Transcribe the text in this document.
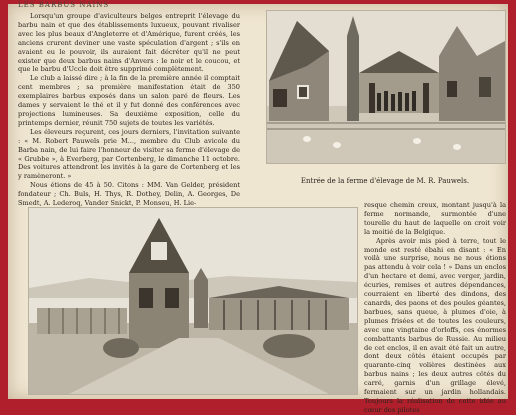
LES BARBUS NAINS

Lorsqu'un groupe d'aviculteurs belges entreprit l'élevage du barbu nain et que des établissements luxueux, pouvant rivaliser avec les plus beaux d'Angleterre et d'Amérique, furent créés, les anciens crurent deviner une vaste spéculation d'argent ; s'ils en avaient eu le pouvoir, ils auraient fait décréter qu'il ne peut exister que deux barbus nains d'Anvers : le noir et le coucou, et que le barbu d'Uccle doit être supprimé complètement.

Le club a laissé dire ; à la fin de la première année il comptait cent membres ; sa première manifestation était de 350 exemplaires barbus exposés dans un salon paré de fleurs. Les dames y servaient le thé et il y fut donné des conférences avec projections lumineuses. Sa deuxième exposition, celle du printemps dernier, réunit 750 sujets de toutes les variétés.

Les éleveurs reçurent, ces jours derniers, l'invitation suivante : « M. Robert Pauwels prie M..., membre du Club avicole du Barba nain, de lui faire l'honneur de visiter sa ferme d'élevage de « Grubbe », à Everberg, par Cortenberg, le dimanche 11 octobre. Des voitures attendront les invités à la gare de Cortenberg et les y ramèneront. »

Nous étions de 45 à 50. Citons : MM. Van Gelder, président fondateur ; Ch. Buls, H. Thys, R. Dothey, Delin, A. Georges, De Smedt, A. Lederoq, Vander Snickt, P. Monseu, H. Lie-

Entrée de la ferme d'élevage de M. R. Pauwels.

resque chemin creux, montant jusqu'à la ferme normande, surmontée d'une tourelle du haut de laquelle on croit voir la moitié de la Belgique.

Après avoir mis pied à terre, tout le monde est resté ébahi en disant : « En voilà une surprise, nous ne nous étions pas attendu à voir cela ! » Dans un enclos d'un hectare et demi, avec verger, jardin, écuries, remises et autres dépendances, courraient en liberté des dindons, des canards, des paons et des poules géantes, barbues, sans queue, à plumes d'oie, à plumes frisées et de toutes les couleurs, avec une vingtaine d'orloffs, ces énormes combattants barbus de Russie. Au milieu de cet enclos, il en avait été fait un autre, dont deux côtés étaient occupés par quarante-cinq volières destinées aux barbus nains ; les deux autres côtés du carré, garnis d'un grillage élevé, fermaient sur un jardin hollandais. Toujours la réalisation de cette idée au cœur des pilotes
